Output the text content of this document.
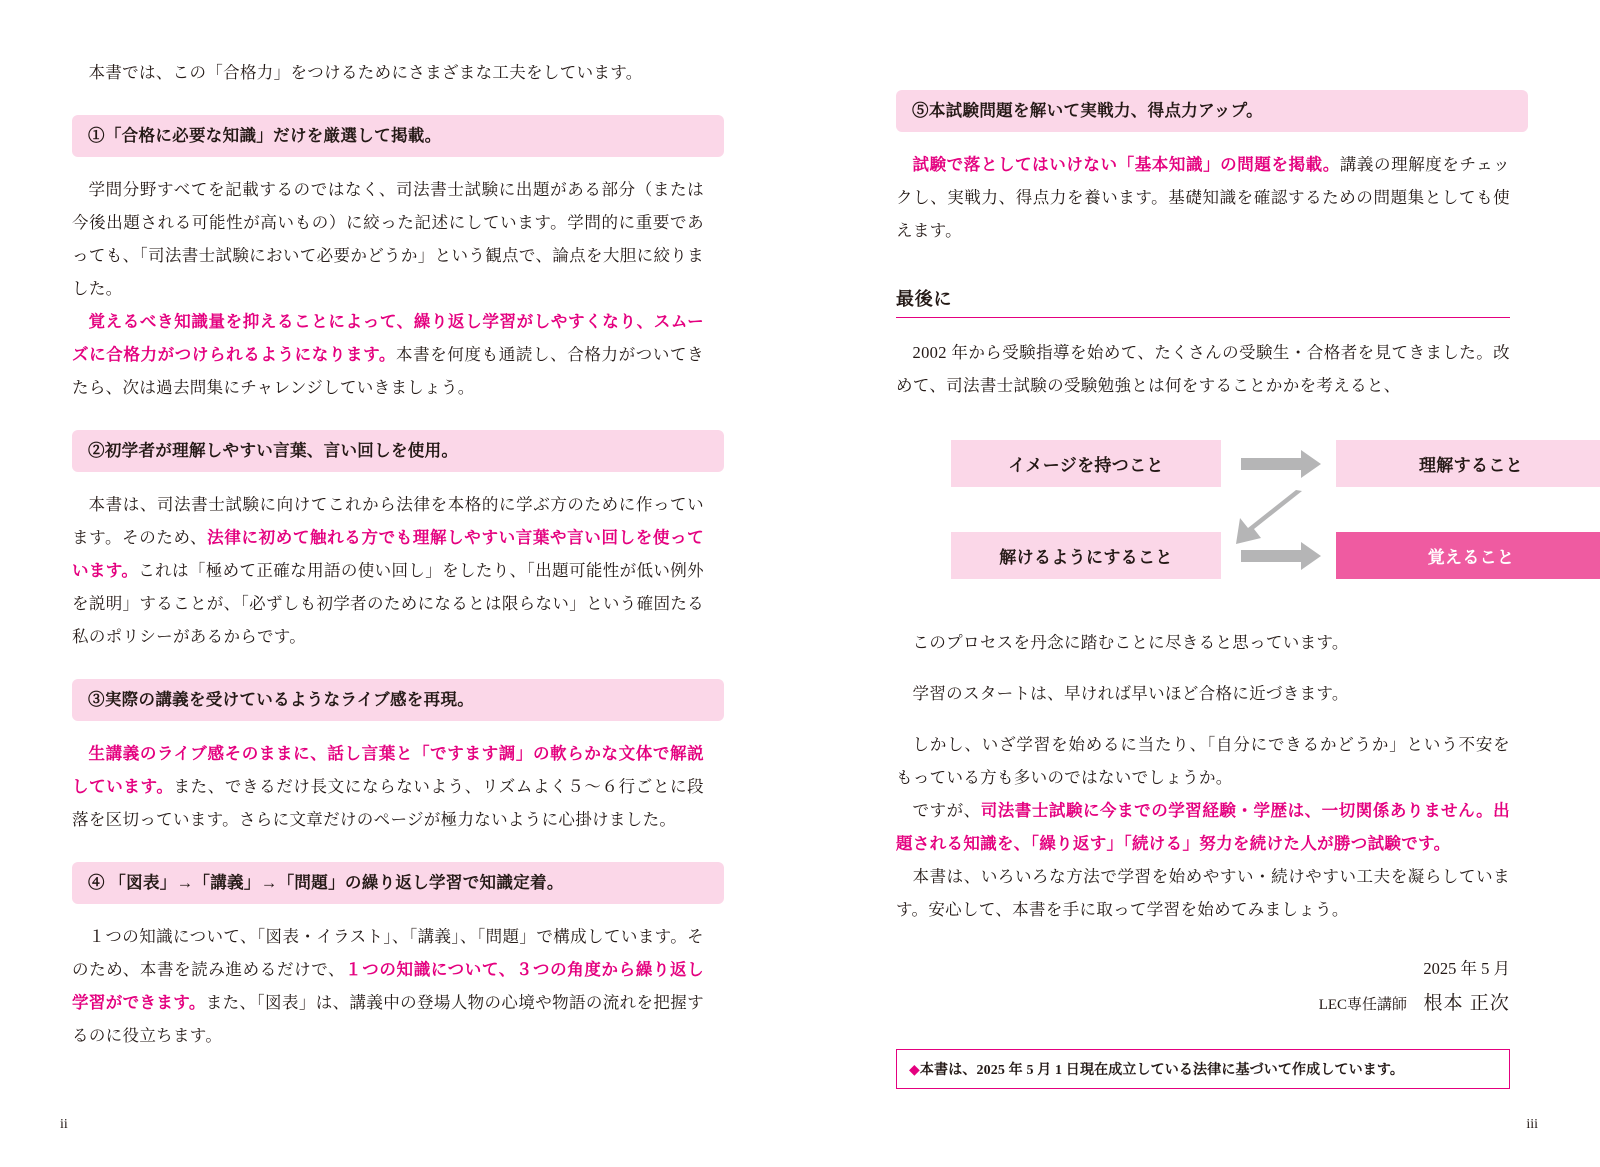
本書では、この「合格力」をつけるためにさまざまな工夫をしています。

①「合格に必要な知識」だけを厳選して掲載。

学問分野すべてを記載するのではなく、司法書士試験に出題がある部分（または今後出題される可能性が高いもの）に絞った記述にしています。学問的に重要であっても、「司法書士試験において必要かどうか」という観点で、論点を大胆に絞りました。

覚えるべき知識量を抑えることによって、繰り返し学習がしやすくなり、スムーズに合格力がつけられるようになります。本書を何度も通読し、合格力がついてきたら、次は過去問集にチャレンジしていきましょう。

②初学者が理解しやすい言葉、言い回しを使用。

本書は、司法書士試験に向けてこれから法律を本格的に学ぶ方のために作っています。そのため、法律に初めて触れる方でも理解しやすい言葉や言い回しを使っています。これは「極めて正確な用語の使い回し」をしたり、「出題可能性が低い例外を説明」することが、「必ずしも初学者のためになるとは限らない」という確固たる私のポリシーがあるからです。

③実際の講義を受けているようなライブ感を再現。

生講義のライブ感そのままに、話し言葉と「ですます調」の軟らかな文体で解説しています。また、できるだけ長文にならないよう、リズムよく５～６行ごとに段落を区切っています。さらに文章だけのページが極力ないように心掛けました。

④ 「図表」→「講義」→「問題」の繰り返し学習で知識定着。

１つの知識について、「図表・イラスト」、「講義」、「問題」で構成しています。そのため、本書を読み進めるだけで、１つの知識について、３つの角度から繰り返し学習ができます。また、「図表」は、講義中の登場人物の心境や物語の流れを把握するのに役立ちます。

ii
⑤本試験問題を解いて実戦力、得点力アップ。

試験で落としてはいけない「基本知識」の問題を掲載。講義の理解度をチェックし、実戦力、得点力を養います。基礎知識を確認するための問題集としても使えます。

最後に

2002 年から受験指導を始めて、たくさんの受験生・合格者を見てきました。改めて、司法書士試験の受験勉強とは何をすることかかを考えると、

イメージを持つこと	理解すること
解けるようにすること	覚えること

このプロセスを丹念に踏むことに尽きると思っています。

学習のスタートは、早ければ早いほど合格に近づきます。

しかし、いざ学習を始めるに当たり、「自分にできるかどうか」という不安をもっている方も多いのではないでしょうか。

ですが、司法書士試験に今までの学習経験・学歴は、一切関係ありません。出題される知識を、「繰り返す」「続ける」努力を続けた人が勝つ試験です。

本書は、いろいろな方法で学習を始めやすい・続けやすい工夫を凝らしています。安心して、本書を手に取って学習を始めてみましょう。

2025 年 5 月
LEC専任講師 根本 正次
◆本書は、2025 年 5 月 1 日現在成立している法律に基づいて作成しています。
iii
